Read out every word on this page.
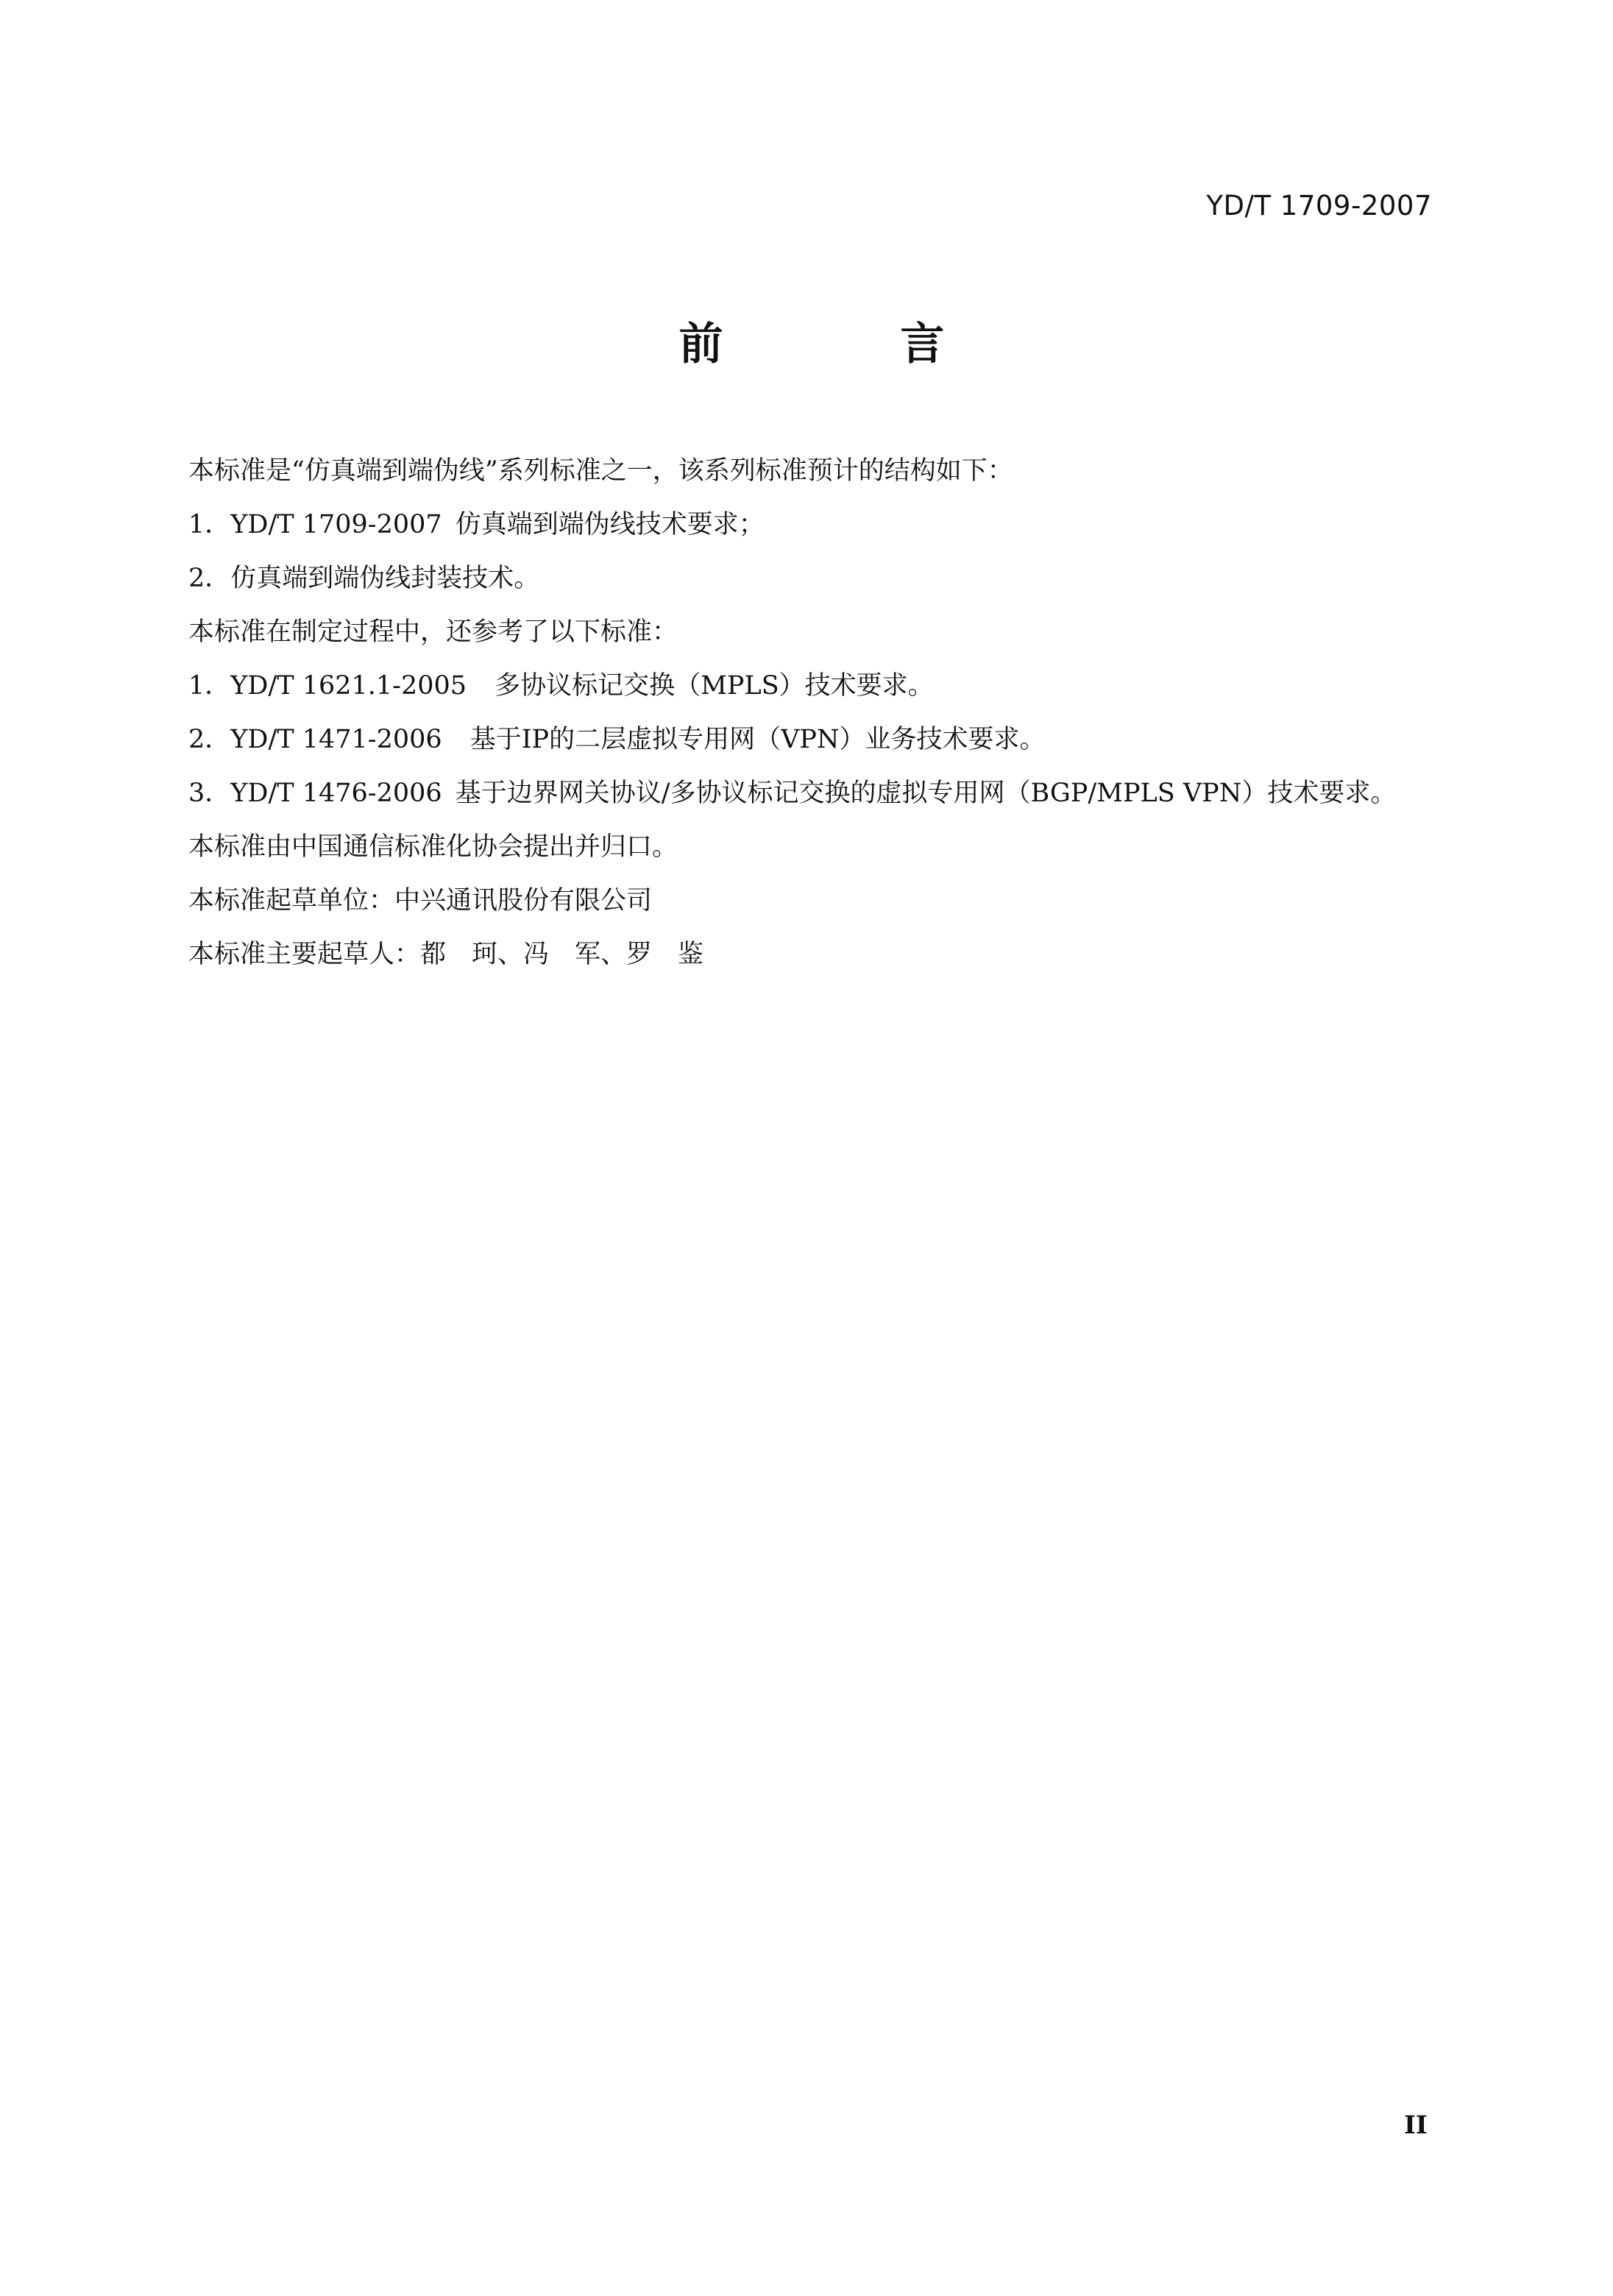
YD/T 1709-2007
前 言
本标准是“仿真端到端伪线”系列标准之一，该系列标准预计的结构如下：
1．YD/T 1709-2007 仿真端到端伪线技术要求；
2．仿真端到端伪线封装技术。
本标准在制定过程中，还参考了以下标准：
1．YD/T 1621.1-2005 多协议标记交换（MPLS）技术要求。
2．YD/T 1471-2006 基于IP的二层虚拟专用网（VPN）业务技术要求。
3．YD/T 1476-2006 基于边界网关协议/多协议标记交换的虚拟专用网（BGP/MPLS VPN）技术要求。
本标准由中国通信标准化协会提出并归口。
本标准起草单位：中兴通讯股份有限公司
本标准主要起草人：都　珂、冯　军、罗　鉴
II
